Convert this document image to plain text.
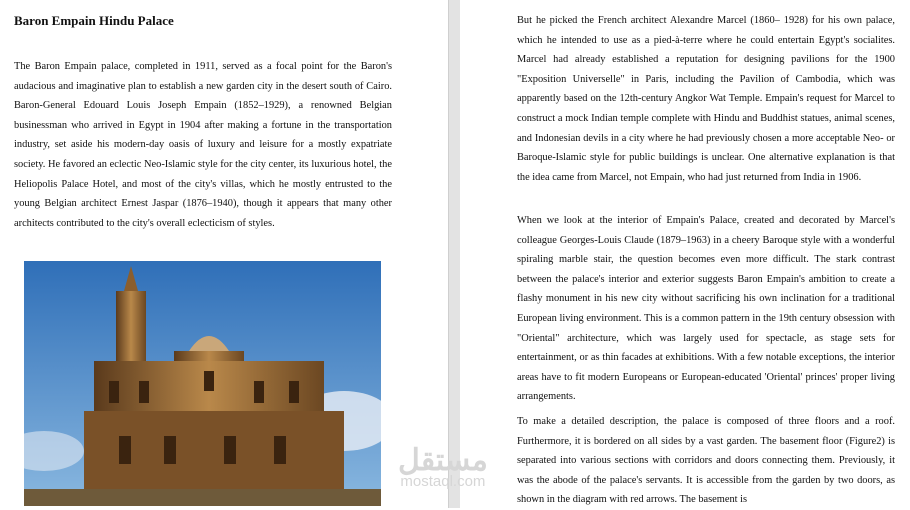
Baron Empain Hindu Palace

The Baron Empain palace, completed in 1911, served as a focal point for the Baron's audacious and imaginative plan to establish a new garden city in the desert south of Cairo. Baron-General Edouard Louis Joseph Empain (1852–1929), a renowned Belgian businessman who arrived in Egypt in 1904 after making a fortune in the transportation industry, set aside his modern-day oasis of luxury and leisure for a mostly expatriate society. He favored an eclectic Neo-Islamic style for the city center, its luxurious hotel, the Heliopolis Palace Hotel, and most of the city's villas, which he mostly entrusted to the young Belgian architect Ernest Jaspar (1876–1940), though it appears that many other architects contributed to the city's overall eclecticism of styles.

But he picked the French architect Alexandre Marcel (1860– 1928) for his own palace, which he intended to use as a pied-à-terre where he could entertain Egypt's socialites. Marcel had already established a reputation for designing pavilions for the 1900 "Exposition Universelle" in Paris, including the Pavilion of Cambodia, which was apparently based on the 12th-century Angkor Wat Temple. Empain's request for Marcel to construct a mock Indian temple complete with Hindu and Buddhist statues, animal scenes, and Indonesian devils in a city where he had previously chosen a more acceptable Neo- or Baroque-Islamic style for public buildings is unclear. One alternative explanation is that the idea came from Marcel, not Empain, who had just returned from India in 1906.

When we look at the interior of Empain's Palace, created and decorated by Marcel's colleague Georges-Louis Claude (1879–1963) in a cheery Baroque style with a wonderful spiraling marble stair, the question becomes even more difficult. The stark contrast between the palace's interior and exterior suggests Baron Empain's ambition to create a flashy monument in his new city without sacrificing his own inclination for a traditional European living environment. This is a common pattern in the 19th century obsession with "Oriental" architecture, which was largely used for spectacle, as stage sets for entertainment, or as thin facades at exhibitions. With a few notable exceptions, the interior areas have to fit modern Europeans or European-educated 'Oriental' princes' proper living arrangements.

To make a detailed description, the palace is composed of three floors and a roof. Furthermore, it is bordered on all sides by a vast garden. The basement floor (Figure2) is separated into various sections with corridors and doors connecting them. Previously, it was the abode of the palace's servants. It is accessible from the garden by two doors, as shown in the diagram with red arrows. The basement is

مستقل
mostaql.com
